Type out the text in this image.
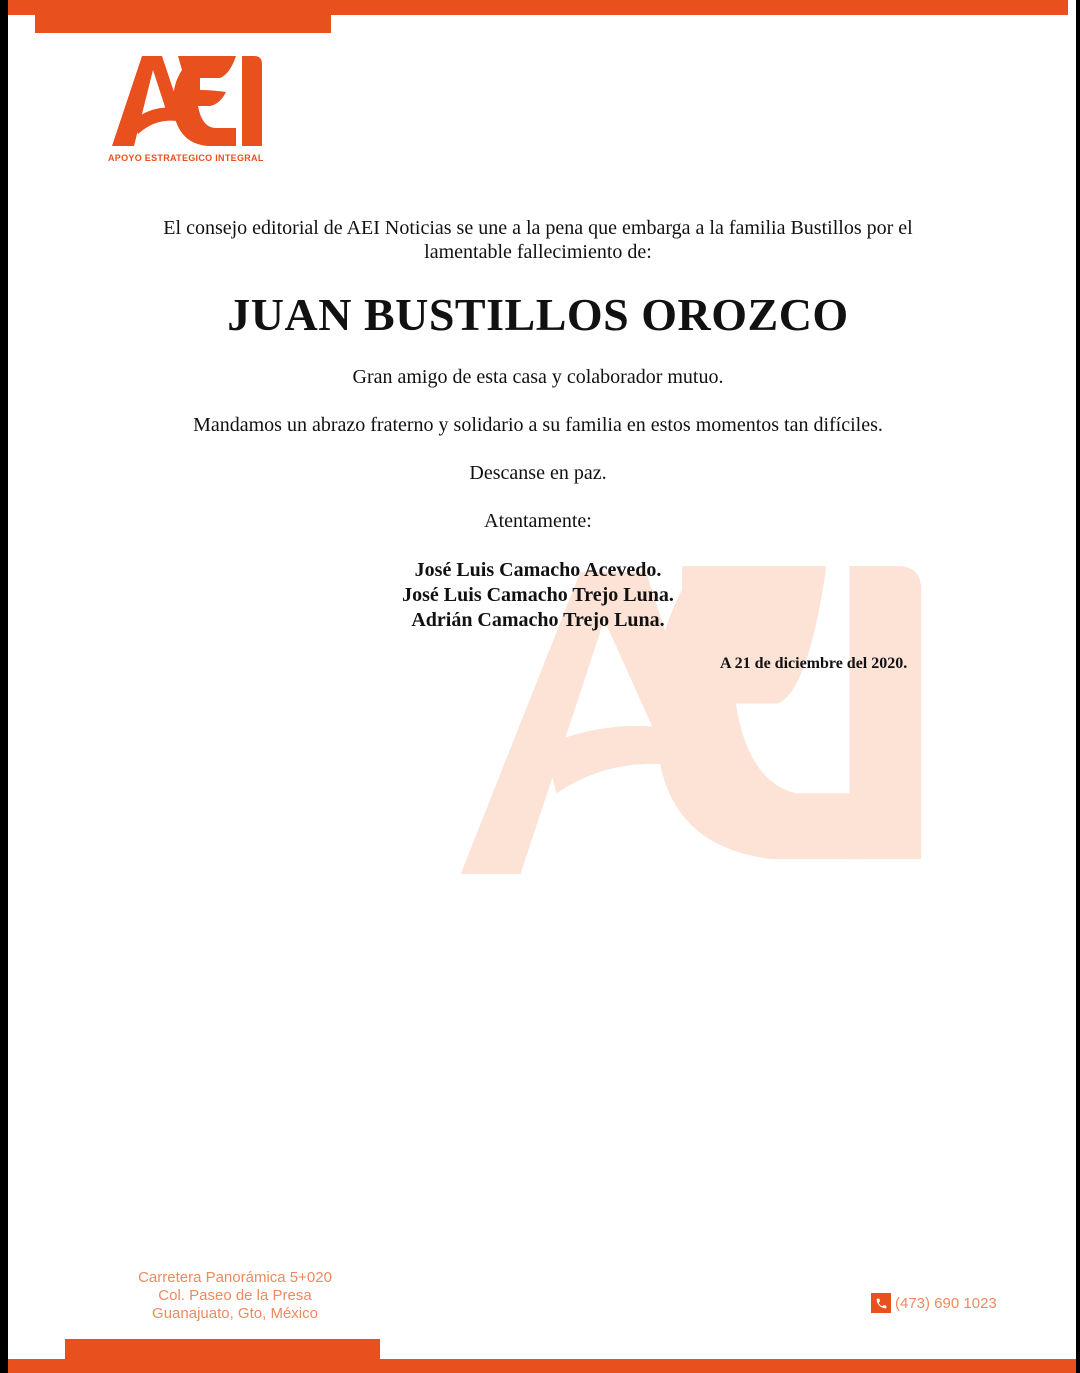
APOYO ESTRATEGICO INTEGRAL
El consejo editorial de AEI Noticias se une a la pena que embarga a la familia Bustillos por el lamentable fallecimiento de:
JUAN BUSTILLOS OROZCO
Gran amigo de esta casa y colaborador mutuo.
Mandamos un abrazo fraterno y solidario a su familia en estos momentos tan difíciles.
Descanse en paz.
Atentamente:
José Luis Camacho Acevedo.
José Luis Camacho Trejo Luna.
Adrián Camacho Trejo Luna.
A 21 de diciembre del 2020.
Carretera Panorámica 5+020
Col. Paseo de la Presa
Guanajuato, Gto, México
(473) 690 1023
